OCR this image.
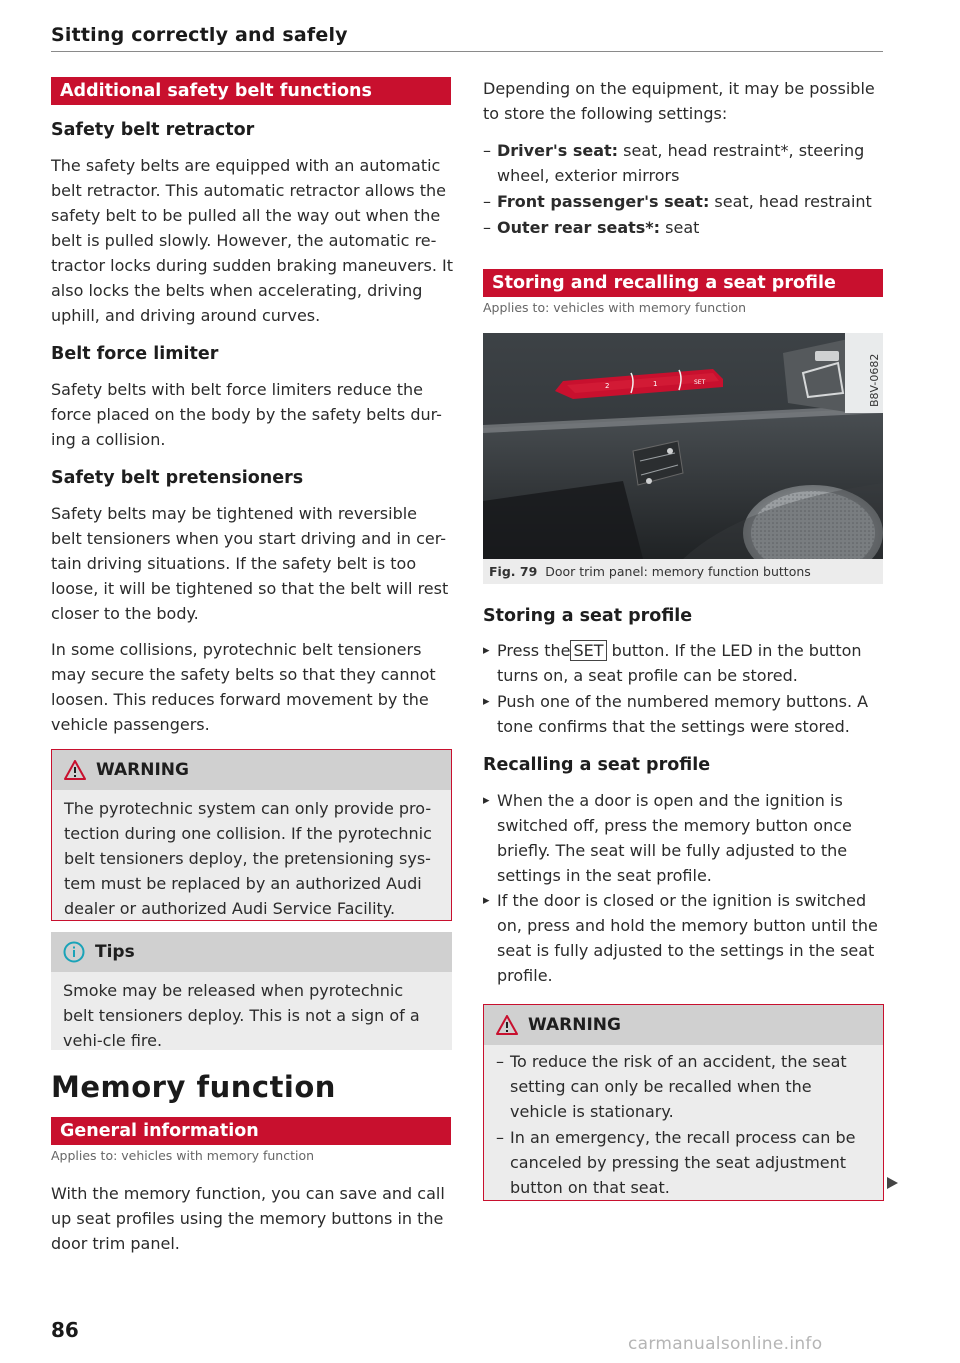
Sitting correctly and safely
Additional safety belt functions
Safety belt retractor

The safety belts are equipped with an automatic belt retractor. This automatic retractor allows the safety belt to be pulled all the way out when the belt is pulled slowly. However, the automatic re-tractor locks during sudden braking maneuvers. It also locks the belts when accelerating, driving uphill, and driving around curves.

Belt force limiter

Safety belts with belt force limiters reduce the force placed on the body by the safety belts dur-ing a collision.

Safety belt pretensioners

Safety belts may be tightened with reversible belt tensioners when you start driving and in cer-tain driving situations. If the safety belt is too loose, it will be tightened so that the belt will rest closer to the body.

In some collisions, pyrotechnic belt tensioners may secure the safety belts so that they cannot loosen. This reduces forward movement by the vehicle passengers.

WARNING

The pyrotechnic system can only provide pro-tection during one collision. If the pyrotechnic belt tensioners deploy, the pretensioning sys-tem must be replaced by an authorized Audi dealer or authorized Audi Service Facility.

Tips

Smoke may be released when pyrotechnic belt tensioners deploy. This is not a sign of a vehi-cle fire.

Memory function
General information
Applies to: vehicles with memory function

With the memory function, you can save and call up seat profiles using the memory buttons in the door trim panel.

Depending on the equipment, it may be possible to store the following settings:

– Driver's seat: seat, head restraint*, steering wheel, exterior mirrors
– Front passenger's seat: seat, head restraint
– Outer rear seats*: seat
Storing and recalling a seat profile
Applies to: vehicles with memory function
2	1	SET	B8V-0682
Fig. 79 Door trim panel: memory function buttons
Storing a seat profile
▸ Press the SET button. If the LED in the button turns on, a seat profile can be stored.
▸ Push one of the numbered memory buttons. A tone confirms that the settings were stored.
Recalling a seat profile
▸ When the a door is open and the ignition is switched off, press the memory button once briefly. The seat will be fully adjusted to the settings in the seat profile.
▸ If the door is closed or the ignition is switched on, press and hold the memory button until the seat is fully adjusted to the settings in the seat profile.
WARNING
– To reduce the risk of an accident, the seat setting can only be recalled when the vehicle is stationary.
– In an emergency, the recall process can be canceled by pressing the seat adjustment button on that seat.
86
carmanualsonline.info
